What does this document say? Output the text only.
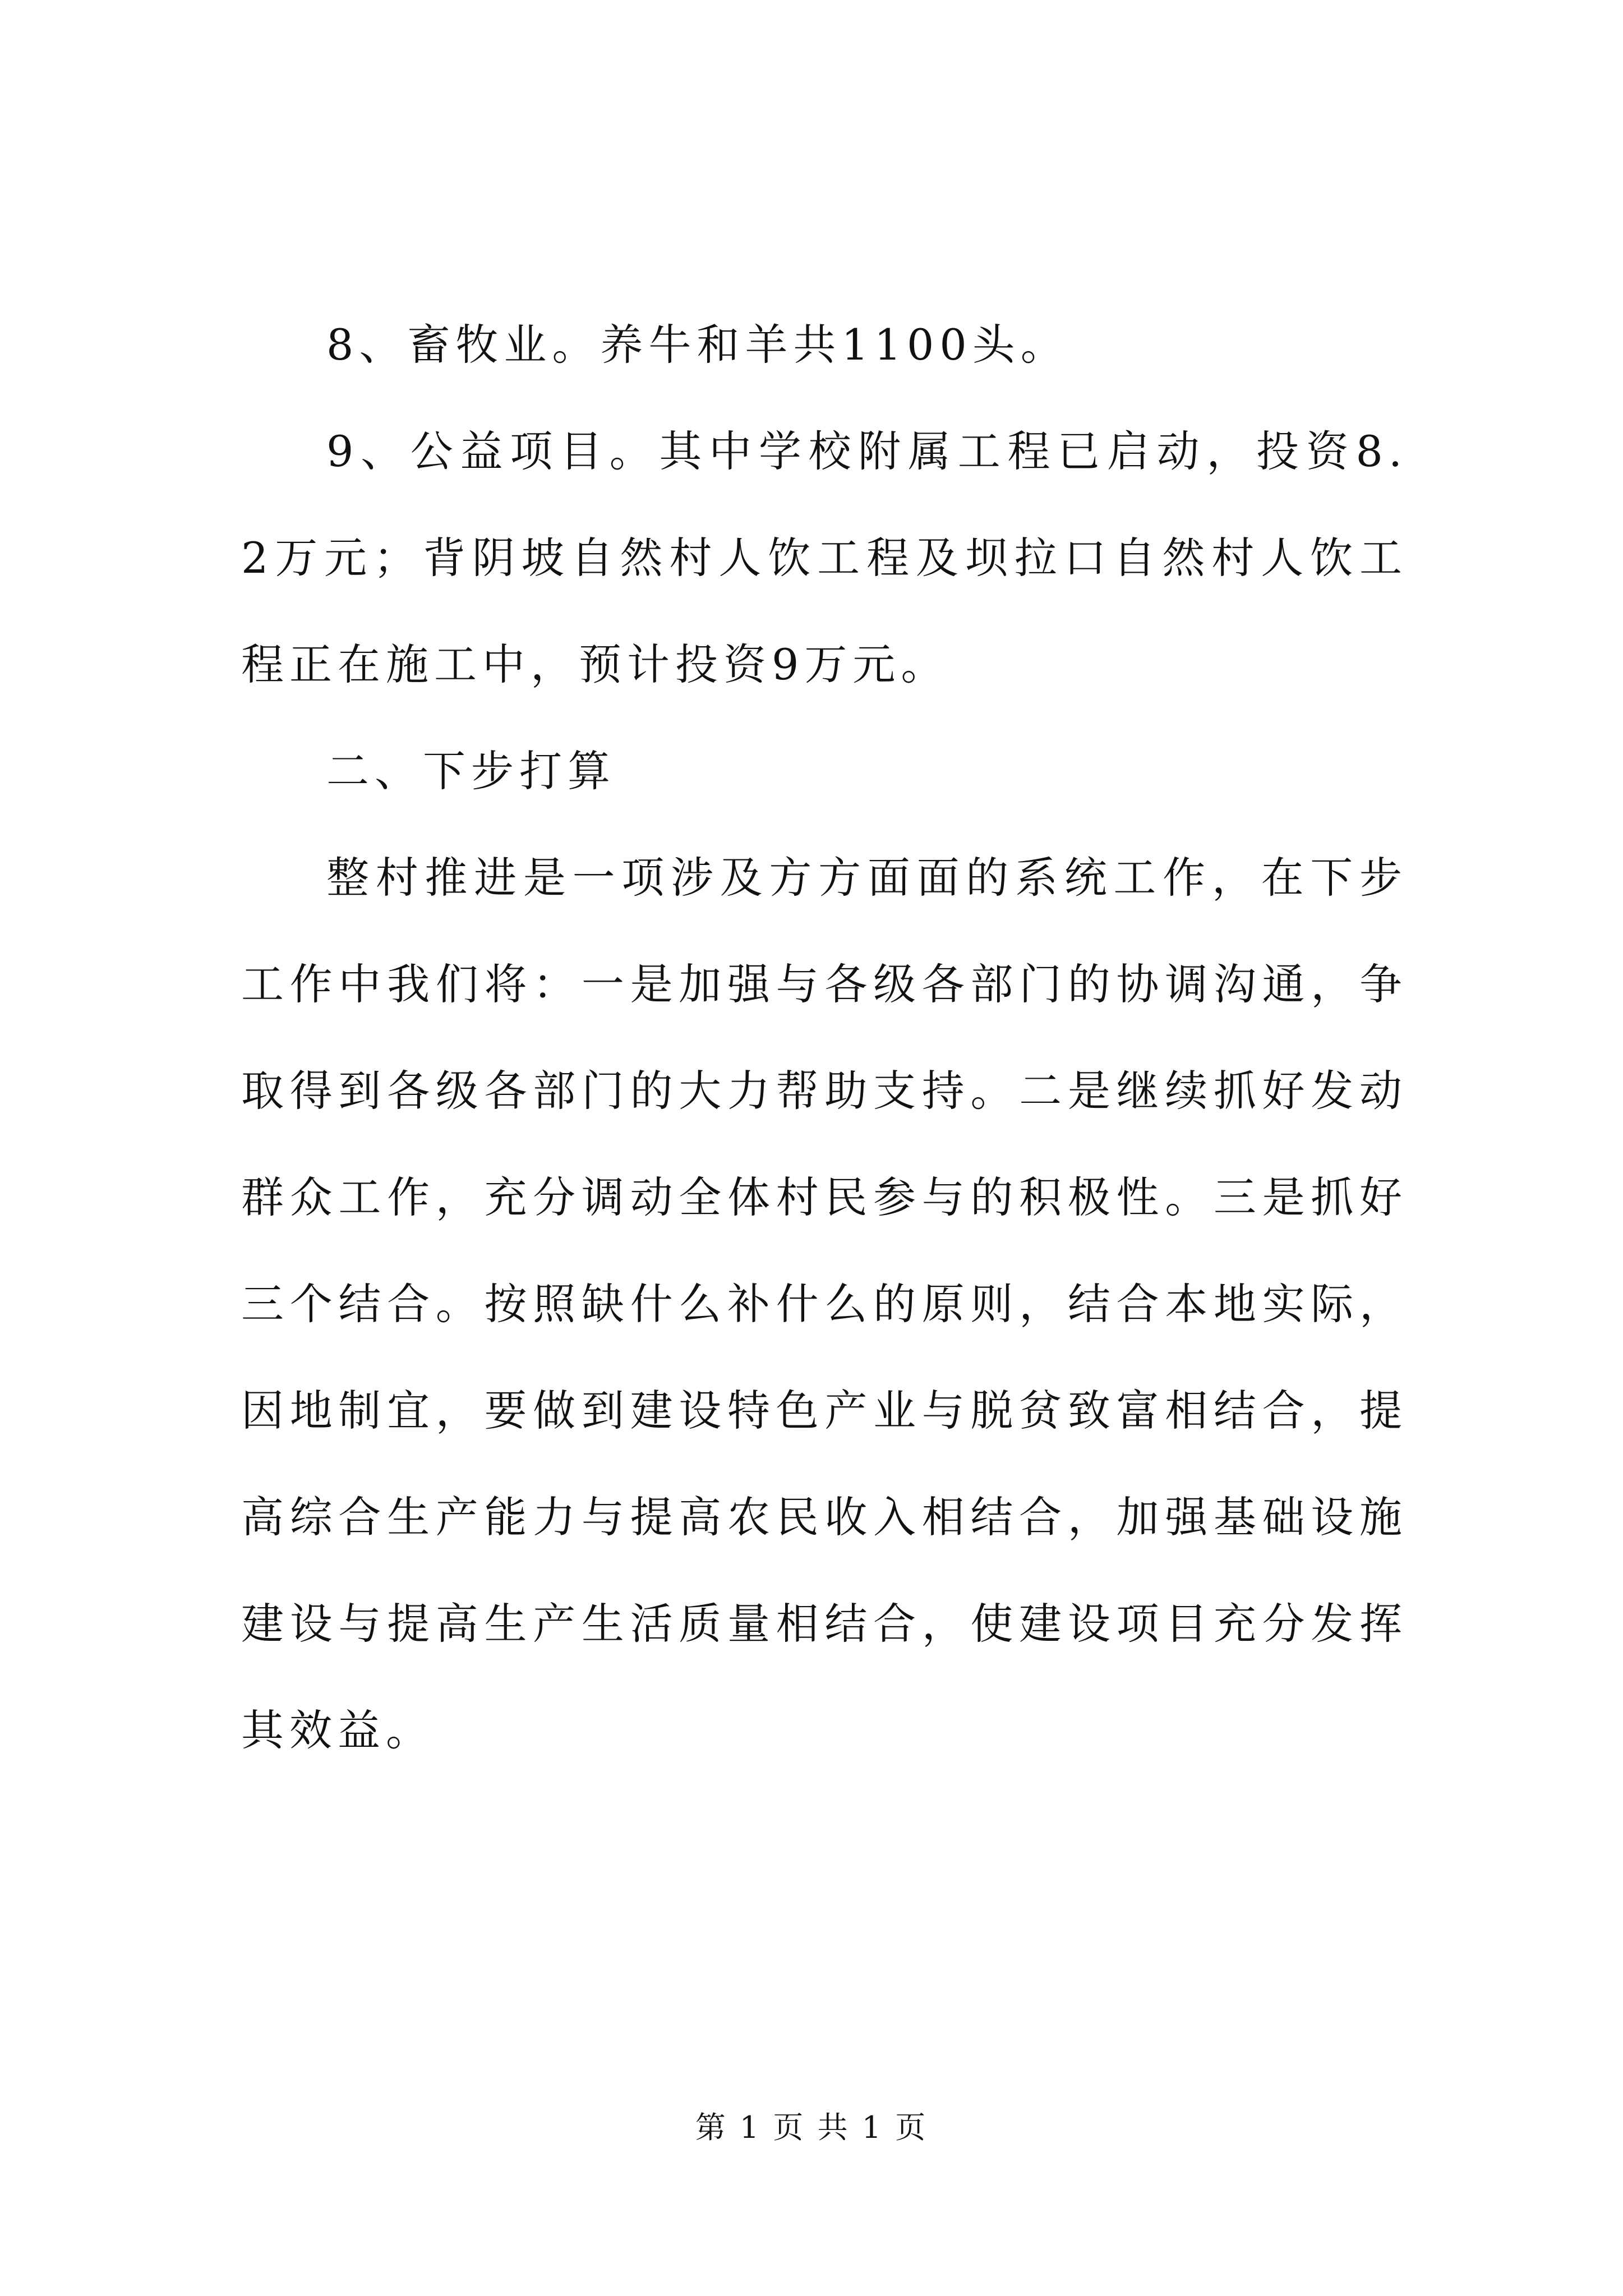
8、畜牧业。养牛和羊共1100头。

9、公益项目。其中学校附属工程已启动，投资8.2万元；背阴坡自然村人饮工程及坝拉口自然村人饮工程正在施工中，预计投资9万元。

二、下步打算

整村推进是一项涉及方方面面的系统工作，在下步工作中我们将：一是加强与各级各部门的协调沟通，争取得到各级各部门的大力帮助支持。二是继续抓好发动群众工作，充分调动全体村民参与的积极性。三是抓好三个结合。按照缺什么补什么的原则，结合本地实际，因地制宜，要做到建设特色产业与脱贫致富相结合，提高综合生产能力与提高农民收入相结合，加强基础设施建设与提高生产生活质量相结合，使建设项目充分发挥其效益。

第 1 页 共 1 页
